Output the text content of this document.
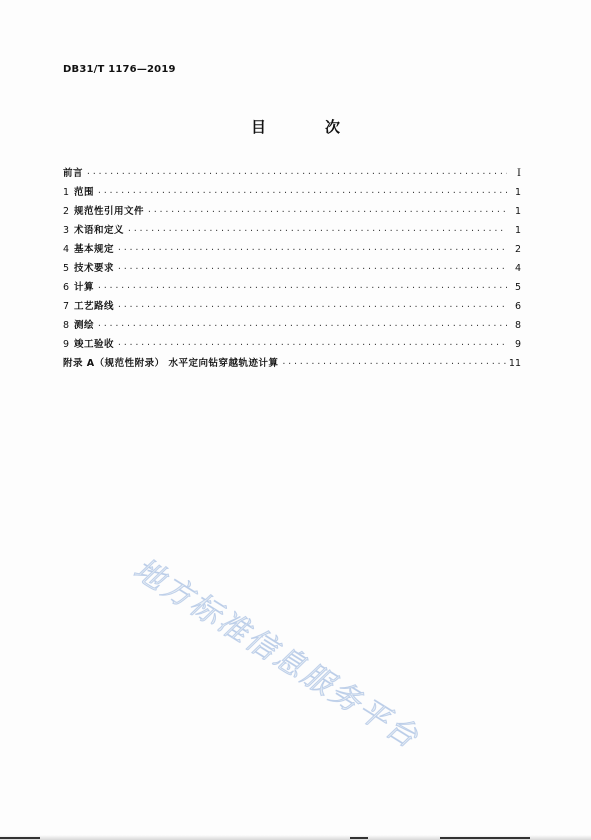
DB31/T 1176—2019
目　次
前言 ·····	Ⅰ
1 范围 ·····	1
2 规范性引用文件 ·····	1
3 术语和定义 ·····	1
4 基本规定 ·····	2
5 技术要求 ·····	4
6 计算 ·····	5
7 工艺路线 ·····	6
8 测绘 ·····	8
9 竣工验收 ·····	9
附录 A（规范性附录） 水平定向钻穿越轨迹计算 ·····	11
地方标准信息服务平台
